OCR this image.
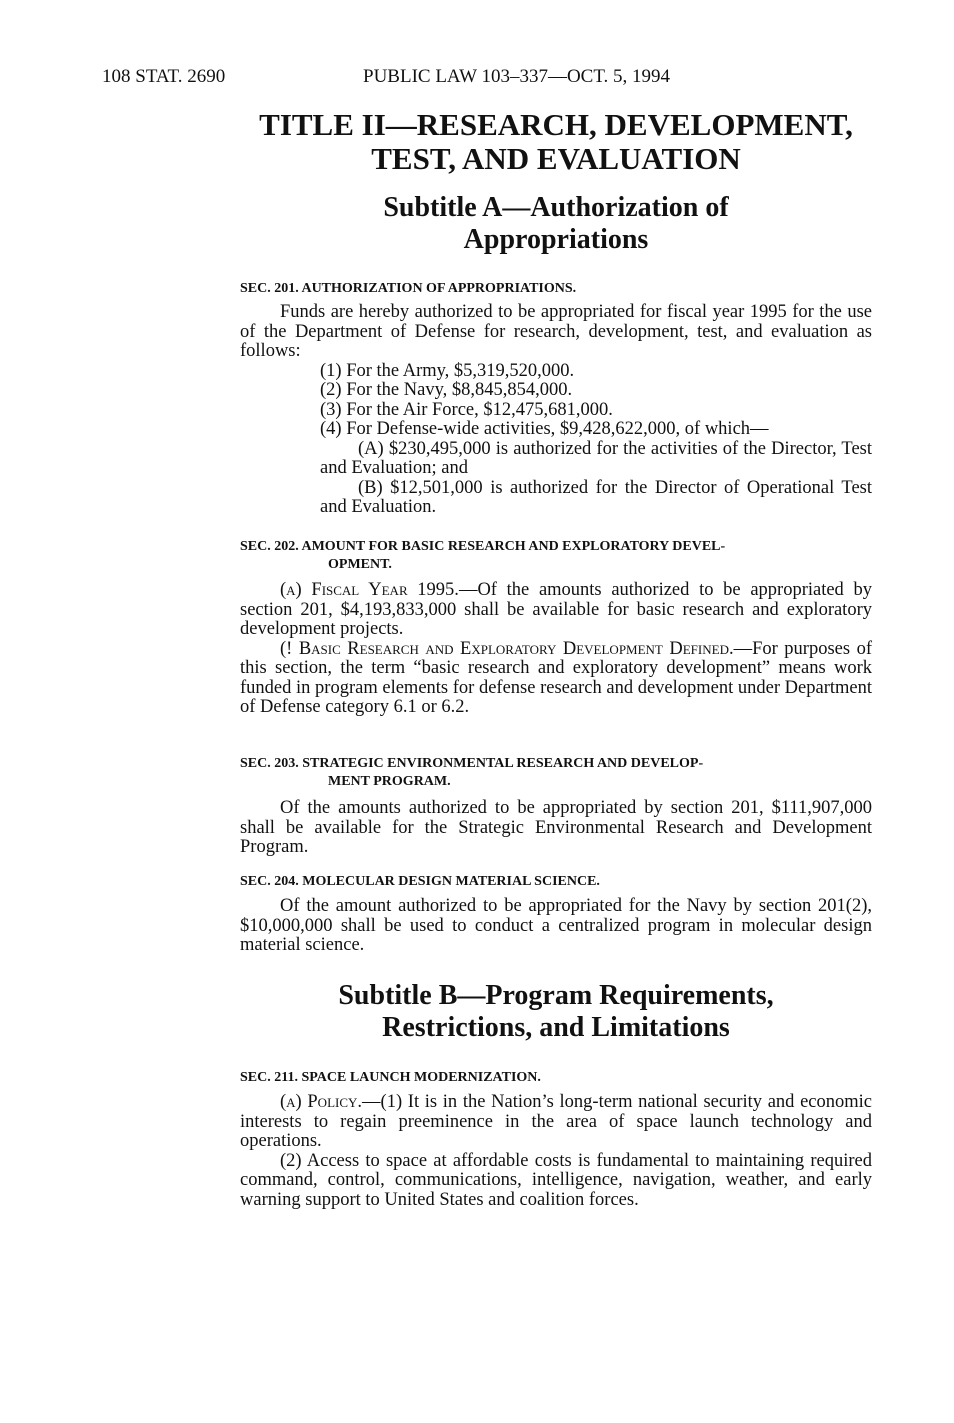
108 STAT. 2690	PUBLIC LAW 103–337—OCT. 5, 1994
TITLE II—RESEARCH, DEVELOPMENT,
TEST, AND EVALUATION
Subtitle A—Authorization of
Appropriations
SEC. 201. AUTHORIZATION OF APPROPRIATIONS.

Funds are hereby authorized to be appropriated for fiscal year 1995 for the use of the Department of Defense for research, development, test, and evaluation as follows:

(1) For the Army, $5,319,520,000.

(2) For the Navy, $8,845,854,000.

(3) For the Air Force, $12,475,681,000.

(4) For Defense-wide activities, $9,428,622,000, of which—

(A) $230,495,000 is authorized for the activities of the Director, Test and Evaluation; and

(B) $12,501,000 is authorized for the Director of Operational Test and Evaluation.

SEC. 202. AMOUNT FOR BASIC RESEARCH AND EXPLORATORY DEVEL-
OPMENT.

(a) Fiscal Year 1995.—Of the amounts authorized to be appropriated by section 201, $4,193,833,000 shall be available for basic research and exploratory development projects.

(! Basic Research and Exploratory Development Defined.—For purposes of this section, the term “basic research and exploratory development” means work funded in program elements for defense research and development under Department of Defense category 6.1 or 6.2.

SEC. 203. STRATEGIC ENVIRONMENTAL RESEARCH AND DEVELOP-
MENT PROGRAM.

Of the amounts authorized to be appropriated by section 201, $111,907,000 shall be available for the Strategic Environmental Research and Development Program.

SEC. 204. MOLECULAR DESIGN MATERIAL SCIENCE.

Of the amount authorized to be appropriated for the Navy by section 201(2), $10,000,000 shall be used to conduct a centralized program in molecular design material science.

Subtitle B—Program Requirements,
Restrictions, and Limitations
SEC. 211. SPACE LAUNCH MODERNIZATION.

(a) Policy.—(1) It is in the Nation’s long-term national security and economic interests to regain preeminence in the area of space launch technology and operations.

(2) Access to space at affordable costs is fundamental to maintaining required command, control, communications, intelligence, navigation, weather, and early warning support to United States and coalition forces.
